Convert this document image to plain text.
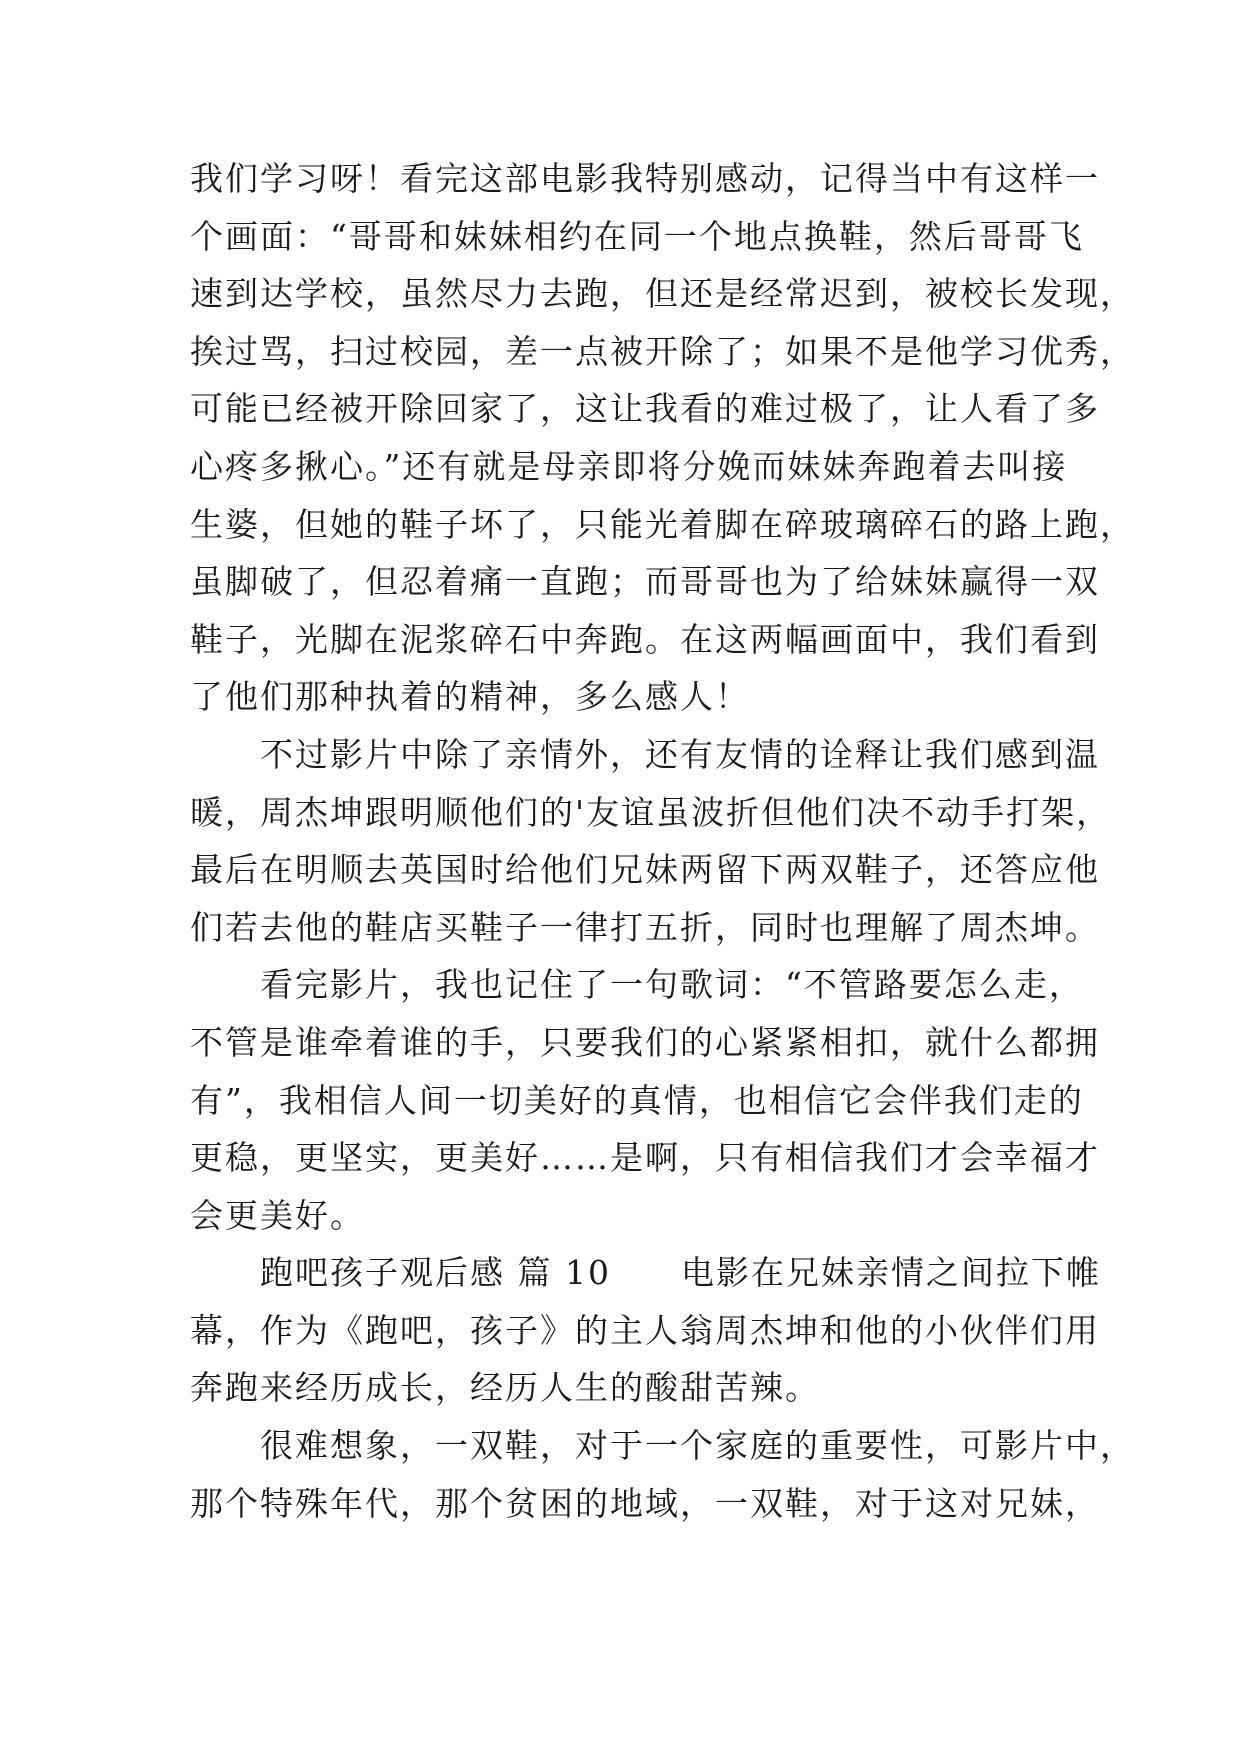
我们学习呀！看完这部电影我特别感动，记得当中有这样一
个画面：“哥哥和妹妹相约在同一个地点换鞋，然后哥哥飞
速到达学校，虽然尽力去跑，但还是经常迟到，被校长发现，
挨过骂，扫过校园，差一点被开除了；如果不是他学习优秀，
可能已经被开除回家了，这让我看的难过极了，让人看了多
心疼多揪心。”还有就是母亲即将分娩而妹妹奔跑着去叫接
生婆，但她的鞋子坏了，只能光着脚在碎玻璃碎石的路上跑，
虽脚破了，但忍着痛一直跑；而哥哥也为了给妹妹赢得一双
鞋子，光脚在泥浆碎石中奔跑。在这两幅画面中，我们看到
了他们那种执着的精神，多么感人！
　　不过影片中除了亲情外，还有友情的诠释让我们感到温
暖，周杰坤跟明顺他们的'友谊虽波折但他们决不动手打架，
最后在明顺去英国时给他们兄妹两留下两双鞋子，还答应他
们若去他的鞋店买鞋子一律打五折，同时也理解了周杰坤。
　　看完影片，我也记住了一句歌词：“不管路要怎么走，
不管是谁牵着谁的手，只要我们的心紧紧相扣，就什么都拥
有”，我相信人间一切美好的真情，也相信它会伴我们走的
更稳，更坚实，更美好……是啊，只有相信我们才会幸福才
会更美好。
　　跑吧孩子观后感 篇 10　　电影在兄妹亲情之间拉下帷
幕，作为《跑吧，孩子》的主人翁周杰坤和他的小伙伴们用
奔跑来经历成长，经历人生的酸甜苦辣。
　　很难想象，一双鞋，对于一个家庭的重要性，可影片中，
那个特殊年代，那个贫困的地域，一双鞋，对于这对兄妹，
